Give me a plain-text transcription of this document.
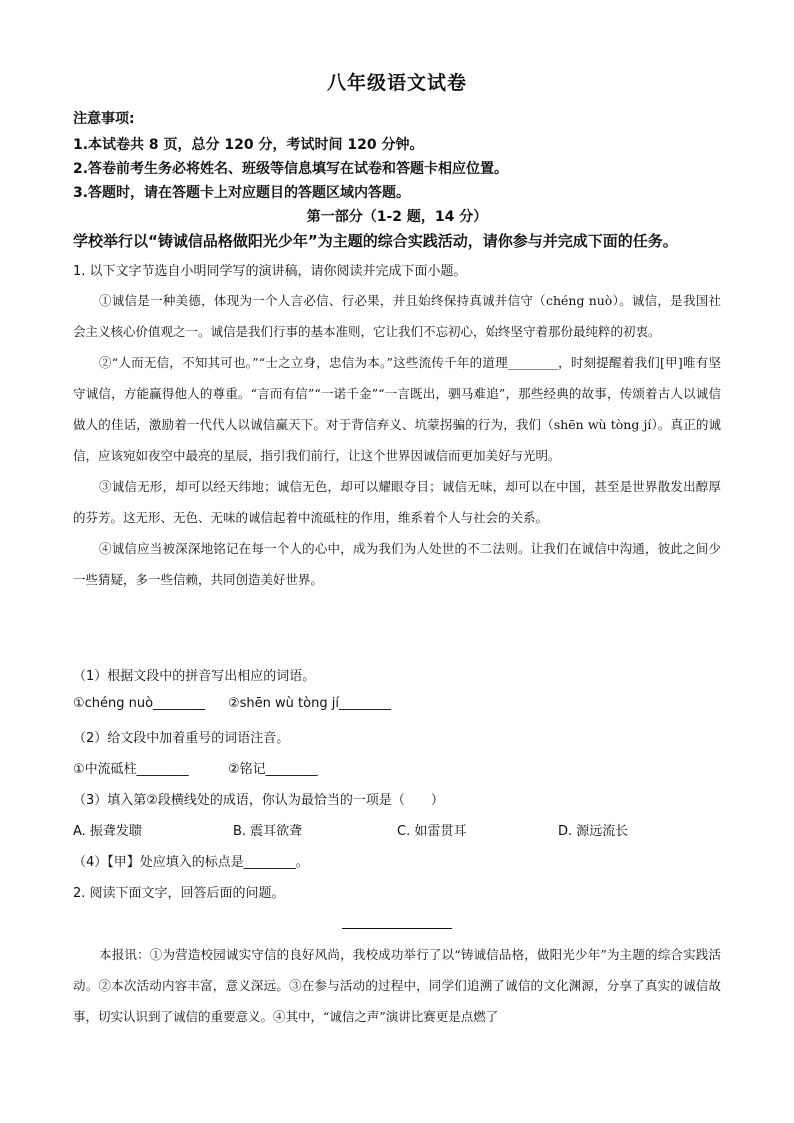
八年级语文试卷
注意事项:
1.本试卷共 8 页，总分 120 分，考试时间 120 分钟。
2.答卷前考生务必将姓名、班级等信息填写在试卷和答题卡相应位置。
3.答题时，请在答题卡上对应题目的答题区域内答题。
第一部分（1-2 题，14 分）
学校举行以“铸诚信品格做阳光少年”为主题的综合实践活动，请你参与并完成下面的任务。
1. 以下文字节选自小明同学写的演讲稿，请你阅读并完成下面小题。

①诚信是一种美德，体现为一个人言必信、行必果，并且始终保持真诚并信守（chéng nuò）。诚信，是我国社会主义核心价值观之一。诚信是我们行事的基本准则，它让我们不忘初心，始终坚守着那份最纯粹的初衷。

②“人而无信，不知其可也。”“士之立身，忠信为本。”这些流传千年的道理________，时刻提醒着我们[甲]唯有坚守诚信，方能赢得他人的尊重。“言而有信”“一诺千金”“一言既出，驷马难追”，那些经典的故事，传颂着古人以诚信做人的佳话，激励着一代代人以诚信赢天下。对于背信弃义、坑蒙拐骗的行为，我们（shēn wù tòng jí）。真正的诚信，应该宛如夜空中最亮的星辰，指引我们前行，让这个世界因诚信而更加美好与光明。

③诚信无形，却可以经天纬地；诚信无色，却可以耀眼夺目；诚信无味，却可以在中国，甚至是世界散发出醇厚的芬芳。这无形、无色、无味的诚信起着中流砥柱的作用，维系着个人与社会的关系。

④诚信应当被深深地铭记在每一个人的心中，成为我们为人处世的不二法则。让我们在诚信中沟通，彼此之间少一些猜疑，多一些信赖，共同创造美好世界。

（1）根据文段中的拼音写出相应的词语。
①chéng nuò________ ②shēn wù tòng jí________
（2）给文段中加着重号的词语注音。
①中流砥柱________	②铭记________
（3）填入第②段横线处的成语，你认为最恰当的一项是（　　）
A. 振聋发聩	B. 震耳欲聋	C. 如雷贯耳	D. 源远流长
（4）【甲】处应填入的标点是________。
2. 阅读下面文字，回答后面的问题。

本报讯：①为营造校园诚实守信的良好风尚，我校成功举行了以“铸诚信品格，做阳光少年”为主题的综合实践活动。②本次活动内容丰富，意义深远。③在参与活动的过程中，同学们追溯了诚信的文化渊源，分享了真实的诚信故事，切实认识到了诚信的重要意义。④其中，“诚信之声”演讲比赛更是点燃了
